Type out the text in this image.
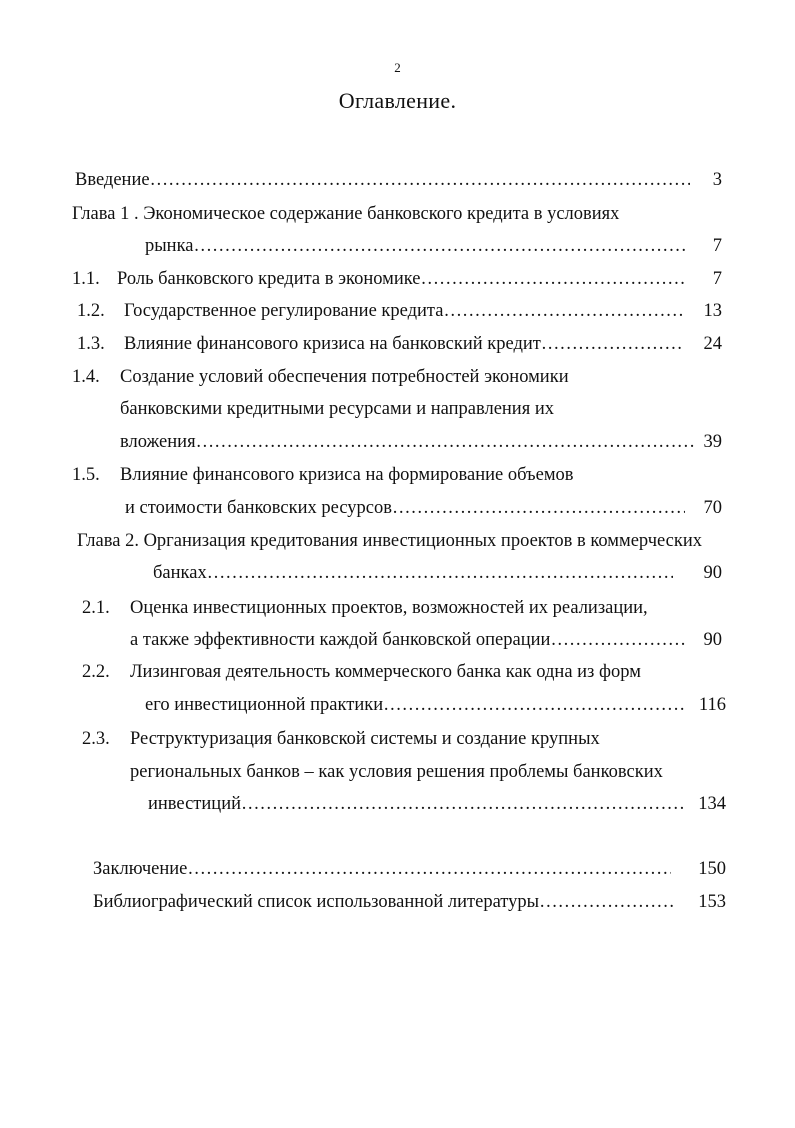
2
Оглавление.
Введение …………………………………………………………………………………………………………………………	3
Глава 1 . Экономическое содержание банковского кредита в условиях
рынка …………………………………………………………………………………………………………………………	7
1.1. Роль банковского кредита в экономике …………………………………………………………………………………………………………………………	7
1.2. Государственное регулирование кредита …………………………………………………………………………………………………………………………	13
1.3. Влияние финансового кризиса на банковский кредит …………………………………………………………………………………………………………………………	24
1.4. Создание условий обеспечения потребностей экономики
банковскими кредитными ресурсами и направления их
вложения …………………………………………………………………………………………………………………………	39
1.5. Влияние финансового кризиса на формирование объемов
и стоимости банковских ресурсов …………………………………………………………………………………………………………………………	70
Глава 2. Организация кредитования инвестиционных проектов в коммерческих
банках …………………………………………………………………………………………………………………………	90
2.1. Оценка инвестиционных проектов, возможностей их реализации,
а также эффективности каждой банковской операции …………………………………………………………………………………………………………………………	90
2.2. Лизинговая деятельность коммерческого банка как одна из форм
его инвестиционной практики …………………………………………………………………………………………………………………………	116
2.3. Реструктуризация банковской системы и создание крупных
региональных банков – как условия решения проблемы банковских
инвестиций …………………………………………………………………………………………………………………………	134
Заключение …………………………………………………………………………………………………………………………	150
Библиографический список использованной литературы …………………………………………………………………………………………………………………………	153
